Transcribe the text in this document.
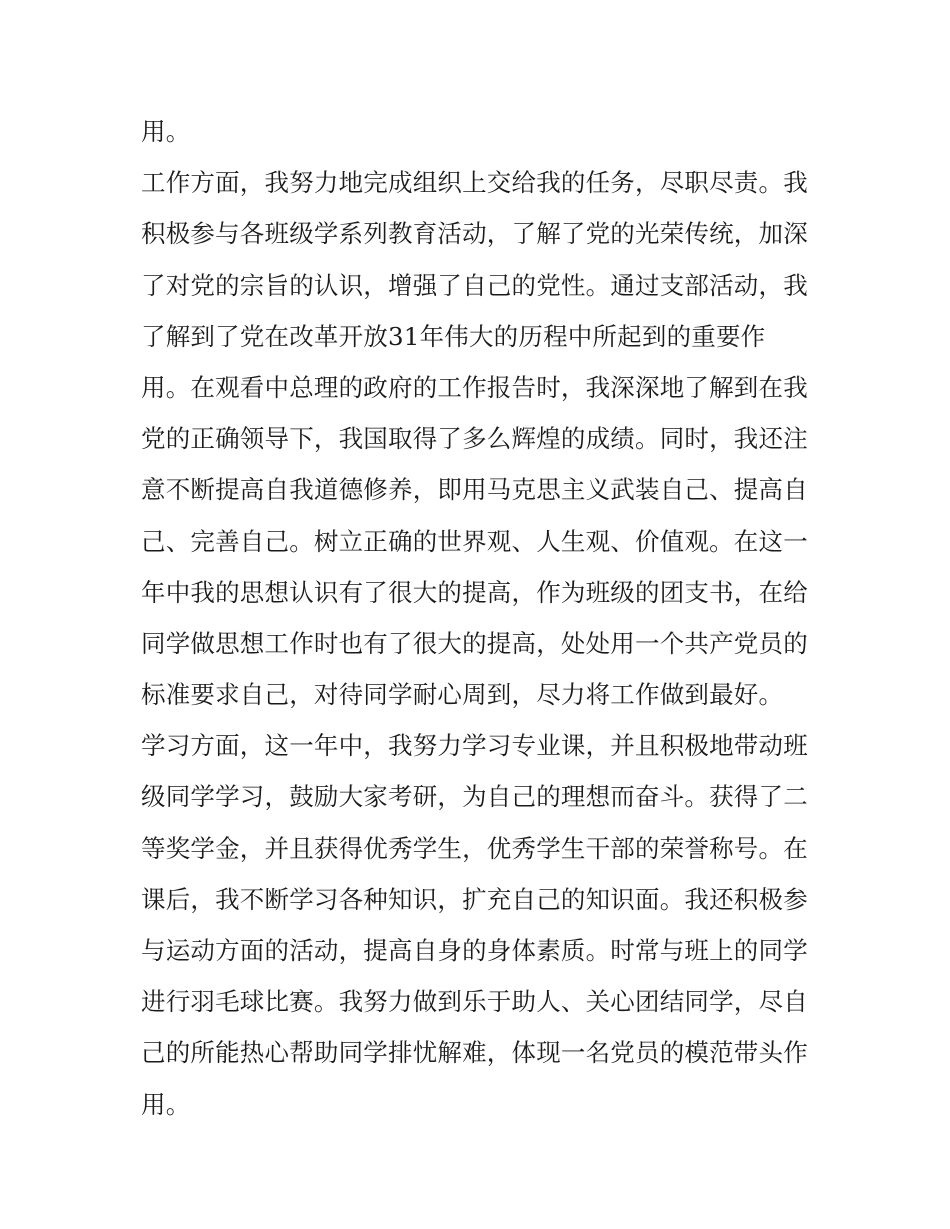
用。
工作方面，我努力地完成组织上交给我的任务，尽职尽责。我
积极参与各班级学系列教育活动，了解了党的光荣传统，加深
了对党的宗旨的认识，增强了自己的党性。通过支部活动，我
了解到了党在改革开放31年伟大的历程中所起到的重要作
用。在观看中总理的政府的工作报告时，我深深地了解到在我
党的正确领导下，我国取得了多么辉煌的成绩。同时，我还注
意不断提高自我道德修养，即用马克思主义武装自己、提高自
己、完善自己。树立正确的世界观、人生观、价值观。在这一
年中我的思想认识有了很大的提高，作为班级的团支书，在给
同学做思想工作时也有了很大的提高，处处用一个共产党员的
标准要求自己，对待同学耐心周到，尽力将工作做到最好。
学习方面，这一年中，我努力学习专业课，并且积极地带动班
级同学学习，鼓励大家考研，为自己的理想而奋斗。获得了二
等奖学金，并且获得优秀学生，优秀学生干部的荣誉称号。在
课后，我不断学习各种知识，扩充自己的知识面。我还积极参
与运动方面的活动，提高自身的身体素质。时常与班上的同学
进行羽毛球比赛。我努力做到乐于助人、关心团结同学，尽自
己的所能热心帮助同学排忧解难，体现一名党员的模范带头作
用。
